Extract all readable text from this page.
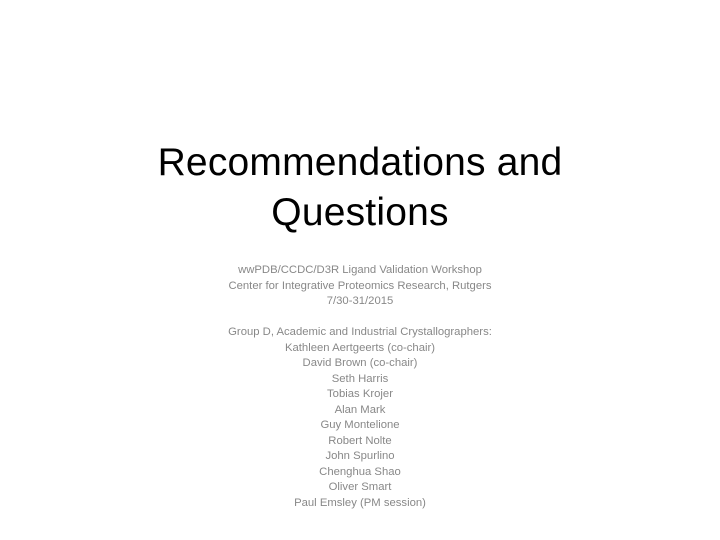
Recommendations and
Questions
wwPDB/CCDC/D3R Ligand Validation Workshop
Center for Integrative Proteomics Research, Rutgers
7/30-31/2015
Group D, Academic and Industrial Crystallographers:
Kathleen Aertgeerts (co-chair)
David Brown (co-chair)
Seth Harris
Tobias Krojer
Alan Mark
Guy Montelione
Robert Nolte
John Spurlino
Chenghua Shao
Oliver Smart
Paul Emsley (PM session)
